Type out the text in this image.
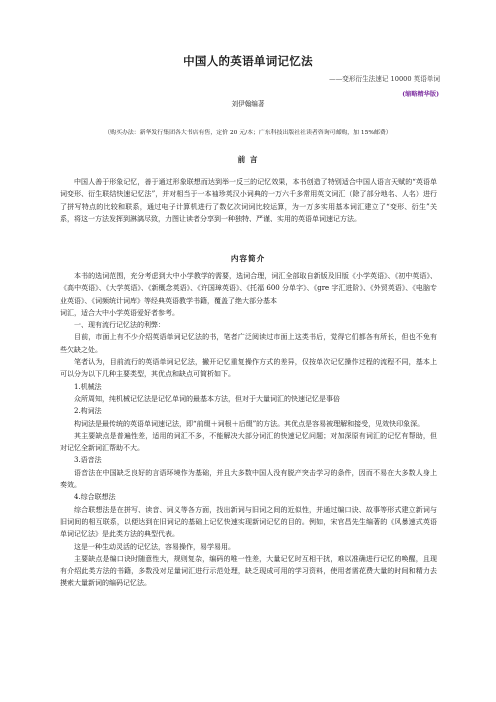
中国人的英语单词记忆法
——变形衍生法速记 10000 英语单词
(缩略精华版)
刘伊翰编著
（购买办法：新华发行集团各大书店有售，定价 20 元/本；广东科技出版社社读者咨询可邮购，加 15%邮费）
前 言

中国人善于形象记忆，善于通过形象联想而达到举一反三的记忆效果，本书创造了特别适合中国人语言天赋的“英语单词变形、衍生联结快速记忆法”，并对相当于一本袖珍英汉小词典的一万六千多常用英文词汇（除了部分地名、人名）进行了拼写特点的比较和联系，通过电子计算机进行了数亿次词词比较运算，为一万多实用基本词汇建立了“变形、衍生”关系，将这一方法发挥到淋漓尽致，力图让读者分享到一种独特、严谨、实用的英语单词速记方法。

内容简介

本书的选词范围，充分考虑到大中小学教学的需要，选词合理，词汇全部取自新版及旧版《小学英语》、《初中英语》、《高中英语》、《大学英语》、《新概念英语》、《许国璋英语》、《托福 600 分单字》、《gre 字汇进阶》、《外贸英语》、《电脑专业英语》、《词频统计词库》等经典英语教学书籍，覆盖了绝大部分基本

词汇，适合大中小学英语爱好者参考。

一、现有流行记忆法的利弊：

目前，市面上有不少介绍英语单词记忆法的书，笔者广泛阅读过市面上这类书后，觉得它们都各有所长，但也不免有些欠缺之处。

笔者认为，目前流行的英语单词记忆法，撇开记忆重复操作方式的差异，仅按单次记忆操作过程的流程不同，基本上可以分为以下几种主要类型，其优点和缺点可简析如下。

1.机械法

众所周知，纯机械记忆法是记忆单词的最基本方法，但对于大量词汇的快速记忆是事倍

2.构词法

构词法是最传统的英语单词速记法，即“前缀＋词根＋后缀”的方法。其优点是容易被理解和接受，见效快印象深。

其主要缺点是普遍性差，适用的词汇不多，不能解决大部分词汇的快速记忆问题；对加深原有词汇的记忆有帮助，但对记忆全新词汇帮助不大。

3.语音法

语音法在中国缺乏良好的言语环境作为基础，并且大多数中国人没有脱产突击学习的条件，因而不易在大多数人身上奏效。

4.综合联想法

综合联想法是在拼写、读音、词义等各方面，找出新词与旧词之间的近似性，并通过编口诀、故事等形式建立新词与旧词间的相互联系，以便达到在旧词记的基础上记忆快速实现新词记忆的目的。例如，宋官昌先生编著的《风暴速式英语单词记忆法》是此类方法的典型代表。

这是一种生动灵活的记忆法，容易操作，易学易用。

主要缺点是编口诀时随意性大，规则复杂，编码的唯一性差，大量记忆时互相干扰，难以准确进行记忆的唤醒，且现有介绍此类方法的书籍，多数没对足量词汇进行示范处理，缺乏现成可用的学习资料，使用者需花费大量的时间和精力去摸索大量新词的编码记忆法。
